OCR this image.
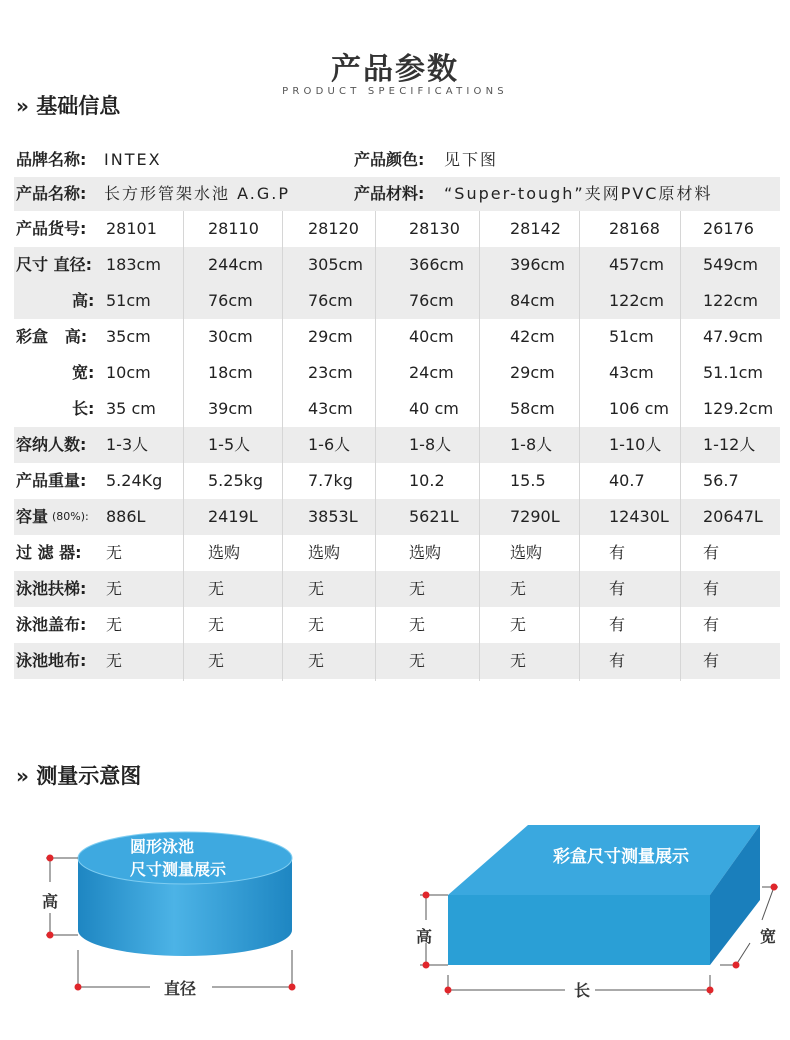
产品参数
PRODUCT SPECIFICATIONS
» 基础信息
品牌名称: INTEX	产品颜色: 见下图
产品名称: 长方形管架水池 A.G.P	产品材料: “Super-tough”夹网PVC原材料
产品货号: 28101	28110	28120	28130	28142	28168	26176
尺寸 直径: 183cm	244cm	305cm	366cm	396cm	457cm 549cm
高: 51cm	76cm	76cm	76cm	84cm	122cm 122cm
彩盒   高: 35cm	30cm	29cm	40cm	42cm	51cm	47.9cm
宽: 10cm	18cm	23cm	24cm	29cm	43cm	51.1cm
长: 35 cm	39cm	43cm	40 cm	58cm	106 cm 129.2cm
容纳人数: 1-3人	1-5人	1-6人	1-8人	1-8人	1-10人	1-12人
产品重量: 5.24Kg	5.25kg	7.7kg	10.2	15.5	40.7	56.7
容量 (80%): 886L	2419L	3853L	5621L	7290L	12430L 20647L
过 滤 器: 无	选购	选购	选购	选购	有	有
泳池扶梯: 无	无	无	无	无	有	有
泳池盖布: 无	无	无	无	无	有	有
泳池地布: 无	无	无	无	无	有	有
» 测量示意图
圆形泳池
尺寸测量展示
高
直径
彩盒尺寸测量展示
高
长
宽
